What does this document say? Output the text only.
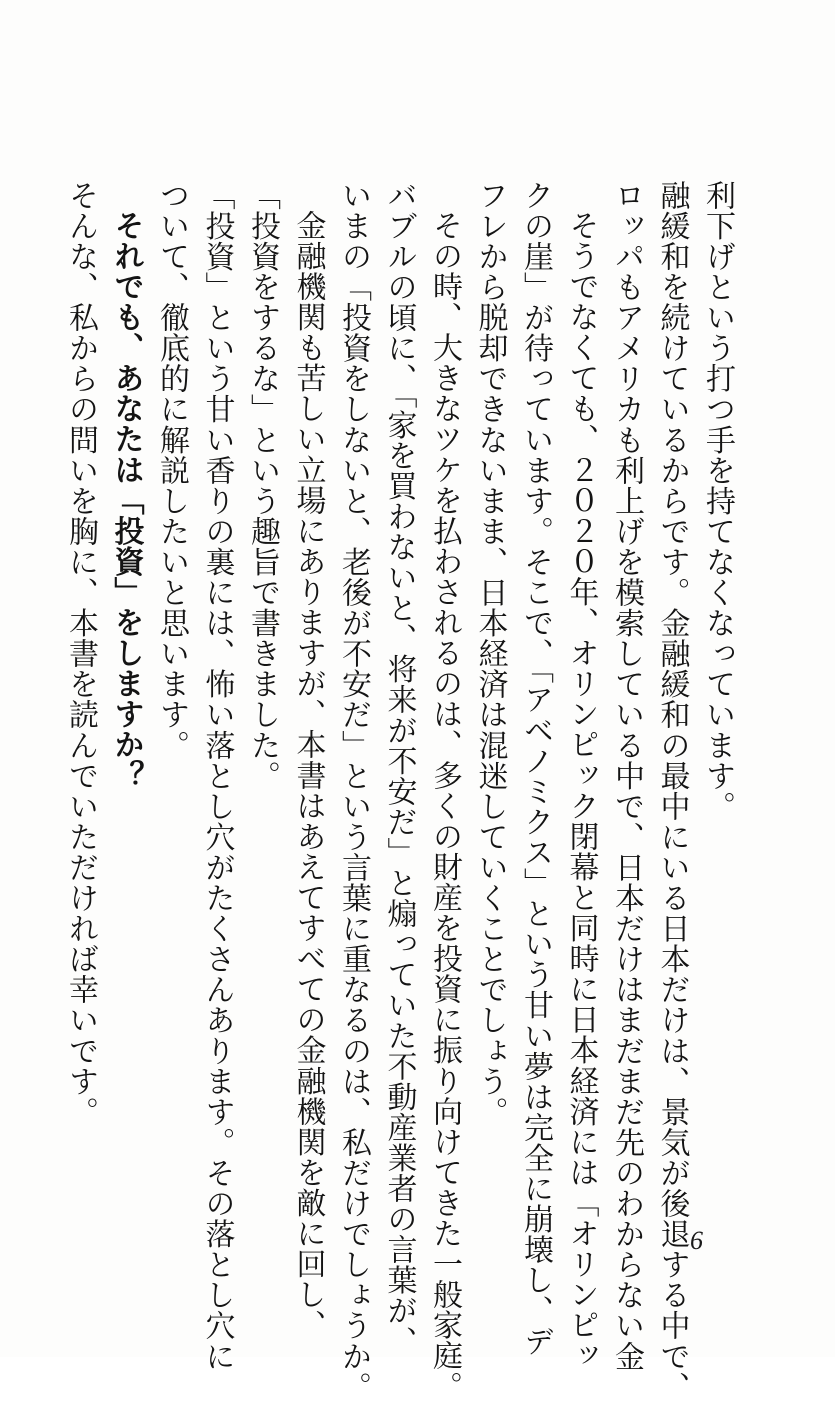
利下げという打つ手を持てなくなっています。
融緩和を続けているからです。金融緩和の最中にいる日本だけは、景気が後退する中で、
ロッパもアメリカも利上げを模索している中で、日本だけはまだまだ先のわからない金
そうでなくても、２０２０年、オリンピック閉幕と同時に日本経済には「オリンピッ
クの崖」が待っています。そこで、「アベノミクス」という甘い夢は完全に崩壊し、デ
フレから脱却できないまま、日本経済は混迷していくことでしょう。
その時、大きなツケを払わされるのは、多くの財産を投資に振り向けてきた一般家庭。
バブルの頃に、「家を買わないと、将来が不安だ」と煽っていた不動産業者の言葉が、
いまの「投資をしないと、老後が不安だ」という言葉に重なるのは、私だけでしょうか。
金融機関も苦しい立場にありますが、本書はあえてすべての金融機関を敵に回し、
「投資をするな」という趣旨で書きました。
「投資」という甘い香りの裏には、怖い落とし穴がたくさんあります。その落とし穴に
ついて、徹底的に解説したいと思います。
それでも、あなたは「投資」をしますか？
そんな、私からの問いを胸に、本書を読んでいただければ幸いです。
6
